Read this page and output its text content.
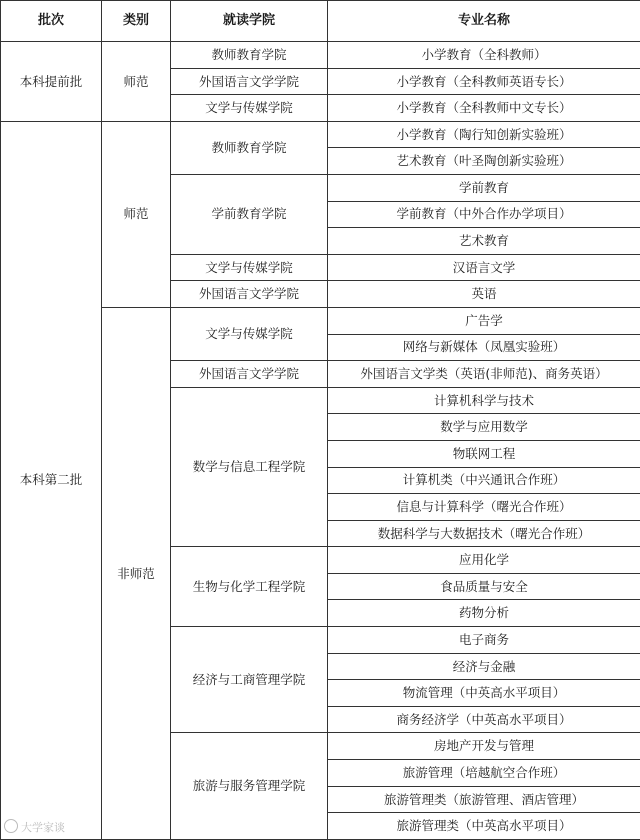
批次	类别	就读学院	专业名称
本科提前批	师范	教师教育学院	小学教育（全科教师）
		外国语言文学学院	小学教育（全科教师英语专长）
		文学与传媒学院	小学教育（全科教师中文专长）
本科第二批	师范	教师教育学院	小学教育（陶行知创新实验班）
			艺术教育（叶圣陶创新实验班）
		学前教育学院	学前教育
			学前教育（中外合作办学项目）
			艺术教育
		文学与传媒学院	汉语言文学
		外国语言文学学院	英语
	非师范	文学与传媒学院	广告学
			网络与新媒体（凤凰实验班）
		外国语言文学学院	外国语言文学类（英语(非师范)、商务英语）
		数学与信息工程学院	计算机科学与技术
			数学与应用数学
			物联网工程
			计算机类（中兴通讯合作班）
			信息与计算科学（曙光合作班）
			数据科学与大数据技术（曙光合作班）
		生物与化学工程学院	应用化学
			食品质量与安全
			药物分析
		经济与工商管理学院	电子商务
			经济与金融
			物流管理（中英高水平项目）
			商务经济学（中英高水平项目）
		旅游与服务管理学院	房地产开发与管理
			旅游管理（培越航空合作班）
			旅游管理类（旅游管理、酒店管理）
			旅游管理类（中英高水平项目）
大学家谈
